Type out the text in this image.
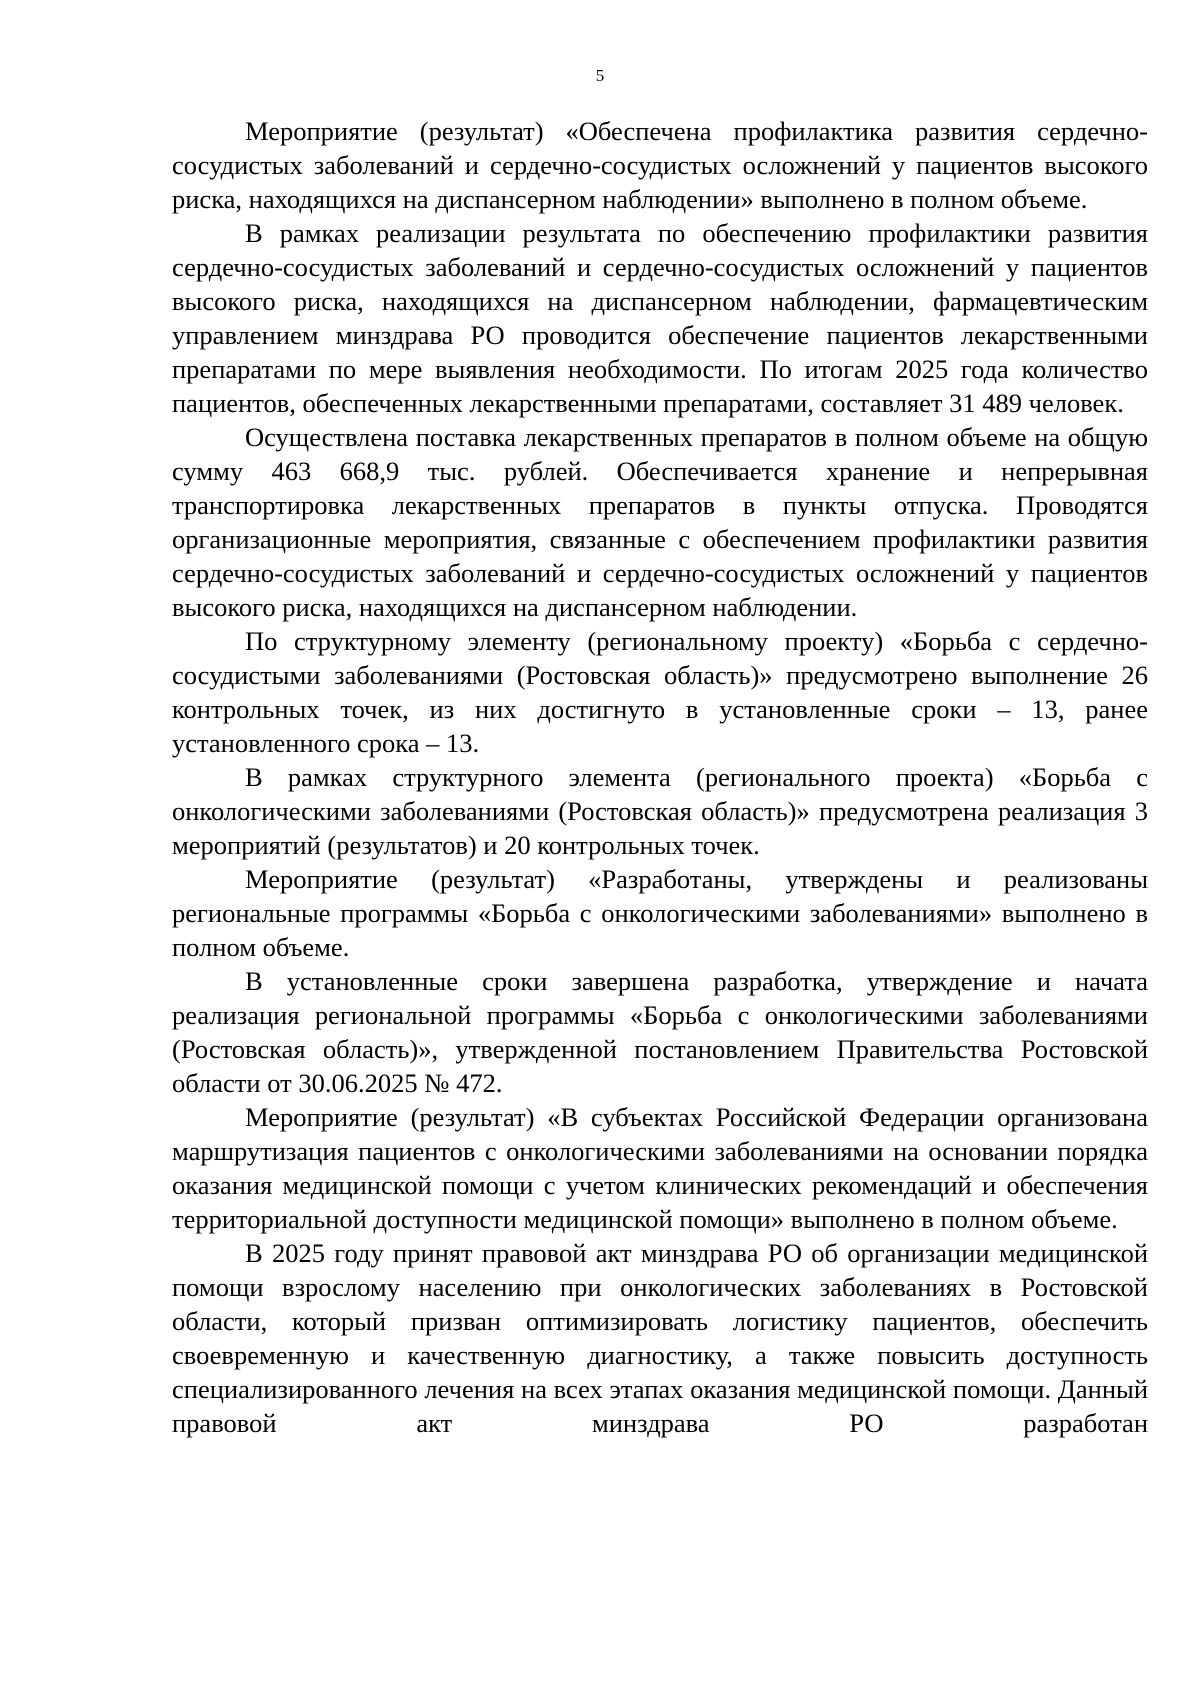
5

Мероприятие (результат) «Обеспечена профилактика развития сердечно-сосудистых заболеваний и сердечно-сосудистых осложнений у пациентов высокого риска, находящихся на диспансерном наблюдении» выполнено в полном объеме.

В рамках реализации результата по обеспечению профилактики развития сердечно-сосудистых заболеваний и сердечно-сосудистых осложнений у пациентов высокого риска, находящихся на диспансерном наблюдении, фармацевтическим управлением минздрава РО проводится обеспечение пациентов лекарственными препаратами по мере выявления необходимости. По итогам 2025 года количество пациентов, обеспеченных лекарственными препаратами, составляет 31 489 человек.

Осуществлена поставка лекарственных препаратов в полном объеме на общую сумму 463 668,9 тыс. рублей. Обеспечивается хранение и непрерывная транспортировка лекарственных препаратов в пункты отпуска. Проводятся организационные мероприятия, связанные с обеспечением профилактики развития сердечно-сосудистых заболеваний и сердечно-сосудистых осложнений у пациентов высокого риска, находящихся на диспансерном наблюдении.

По структурному элементу (региональному проекту) «Борьба с сердечно-сосудистыми заболеваниями (Ростовская область)» предусмотрено выполнение 26 контрольных точек, из них достигнуто в установленные сроки – 13, ранее установленного срока – 13.

В рамках структурного элемента (регионального проекта) «Борьба с онкологическими заболеваниями (Ростовская область)» предусмотрена реализация 3 мероприятий (результатов) и 20 контрольных точек.

Мероприятие (результат) «Разработаны, утверждены и реализованы региональные программы «Борьба с онкологическими заболеваниями» выполнено в полном объеме.

В установленные сроки завершена разработка, утверждение и начата реализация региональной программы «Борьба с онкологическими заболеваниями (Ростовская область)», утвержденной постановлением Правительства Ростовской области от 30.06.2025 № 472.

Мероприятие (результат) «В субъектах Российской Федерации организована маршрутизация пациентов с онкологическими заболеваниями на основании порядка оказания медицинской помощи с учетом клинических рекомендаций и обеспечения территориальной доступности медицинской помощи» выполнено в полном объеме.

В 2025 году принят правовой акт минздрава РО об организации медицинской помощи взрослому населению при онкологических заболеваниях в Ростовской области, который призван оптимизировать логистику пациентов, обеспечить своевременную и качественную диагностику, а также повысить доступность специализированного лечения на всех этапах оказания медицинской помощи. Данный правовой акт минздрава РО разработан
